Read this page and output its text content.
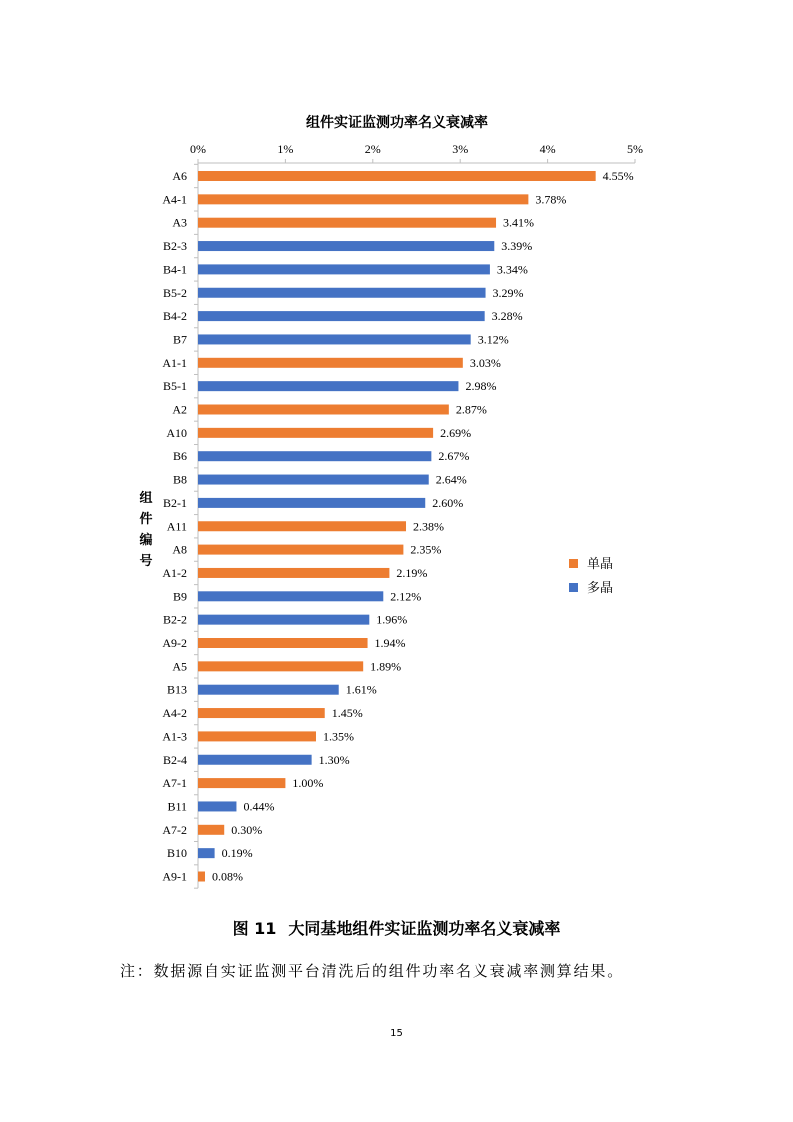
组件实证监测功率名义衰减率
0%	1%	2%	3%	4%	5%
A6
A4-1
A3
B2-3
B4-1
B5-2
B4-2
B7
A1-1
B5-1
A2
A10
B6
B8
B2-1
A11
A8
A1-2
B9
B2-2
A9-2
A5
B13
A4-2
A1-3
B2-4
A7-1
B11
A7-2
B10
A9-1
4.55%
3.78%
3.41%
3.39%
3.34%
3.29%
3.28%
3.12%
3.03%
2.98%
2.87%
2.69%
2.67%
2.64%
2.60%
2.38%
2.35%
2.19%
2.12%
1.96%
1.94%
1.89%
1.61%
1.45%
1.35%
1.30%
1.00%
0.44%
0.30%
0.19%
0.08%
组
件
编
号	单晶
多晶
图 11 大同基地组件实证监测功率名义衰减率
注：数据源自实证监测平台清洗后的组件功率名义衰减率测算结果。
15
